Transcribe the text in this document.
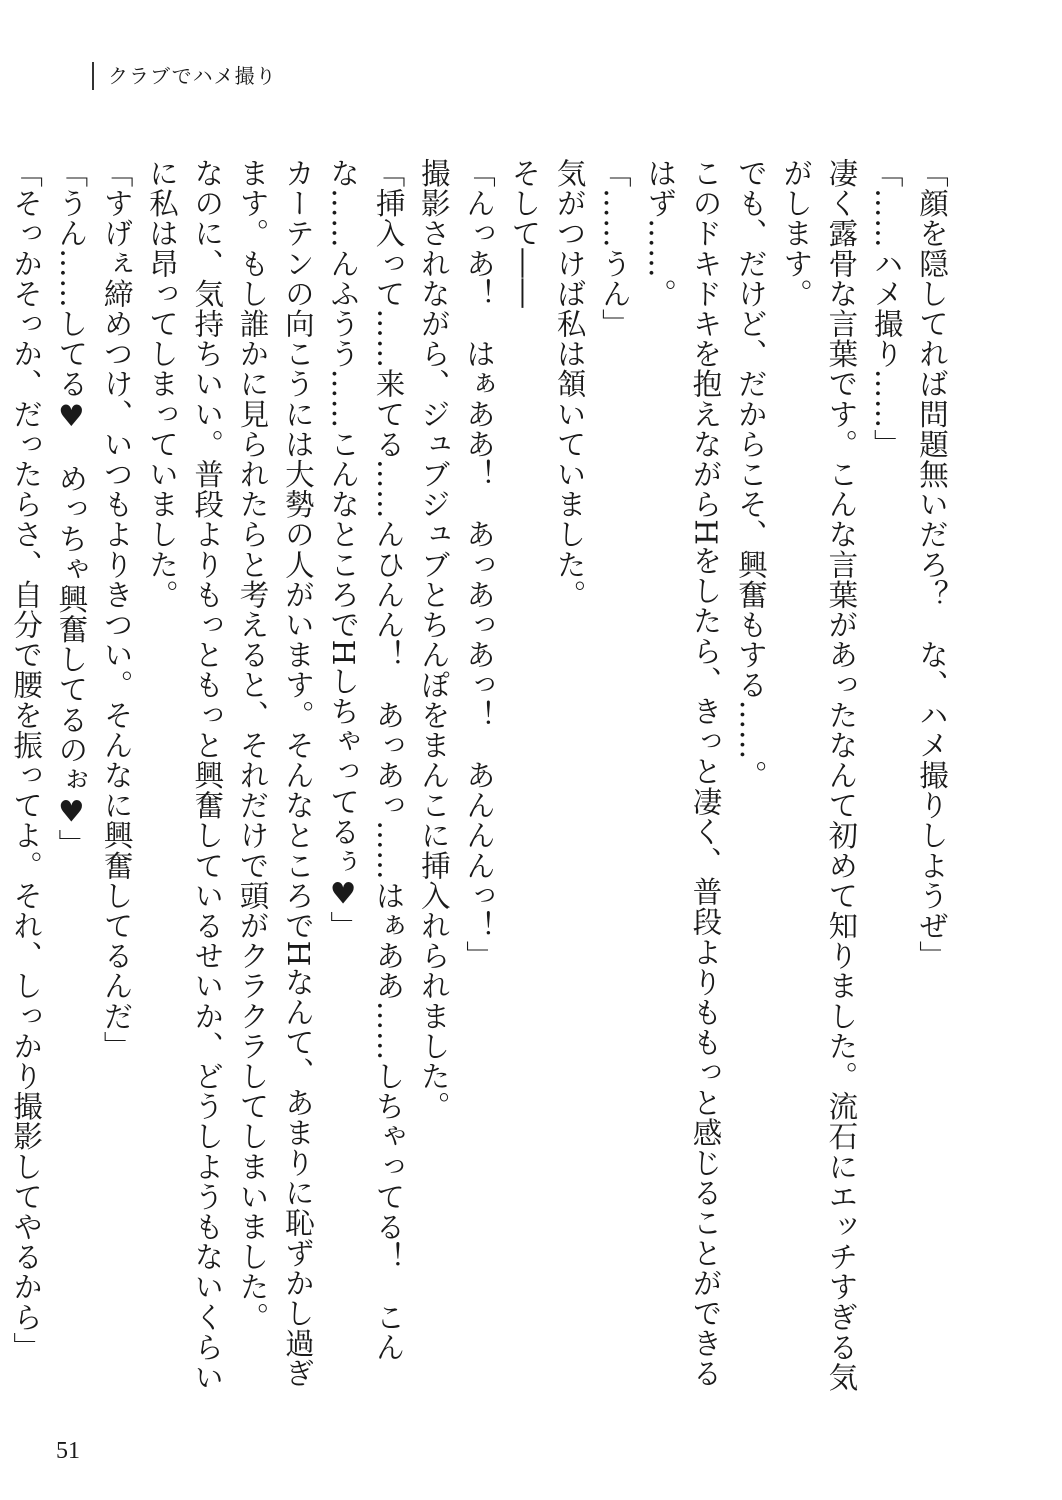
クラブでハメ撮り

「顔を隠してれば問題無いだろ？　な、ハメ撮りしようぜ」

「……ハメ撮り……」

凄く露骨な言葉です。こんな言葉があったなんて初めて知りました。流石にエッチすぎる気がします。

でも、だけど、だからこそ、興奮もする……。

このドキドキを抱えながらHをしたら、きっと凄く、普段よりももっと感じることができるはず……。

「……うん」

気がつけば私は頷いていました。

そして――

「んっあ！　はぁああ！　あっあっあっ！　あんんんっ！」

撮影されながら、ジュブジュブとちんぽをまんこに挿入れられました。

「挿入って……来てる……んひんん！　あっあっ……はぁああ……しちゃってる！　こんな……んふうう……こんなところでHしちゃってるぅ♥」

カーテンの向こうには大勢の人がいます。そんなところでHなんて、あまりに恥ずかし過ぎます。もし誰かに見られたらと考えると、それだけで頭がクラクラしてしまいました。

なのに、気持ちいい。普段よりもっともっと興奮しているせいか、どうしようもないくらいに私は昂ってしまっていました。

「すげぇ締めつけ、いつもよりきつい。そんなに興奮してるんだ」

「うん……してる♥　めっちゃ興奮してるのぉ♥」

「そっかそっか、だったらさ、自分で腰を振ってよ。それ、しっかり撮影してやるから」

51
